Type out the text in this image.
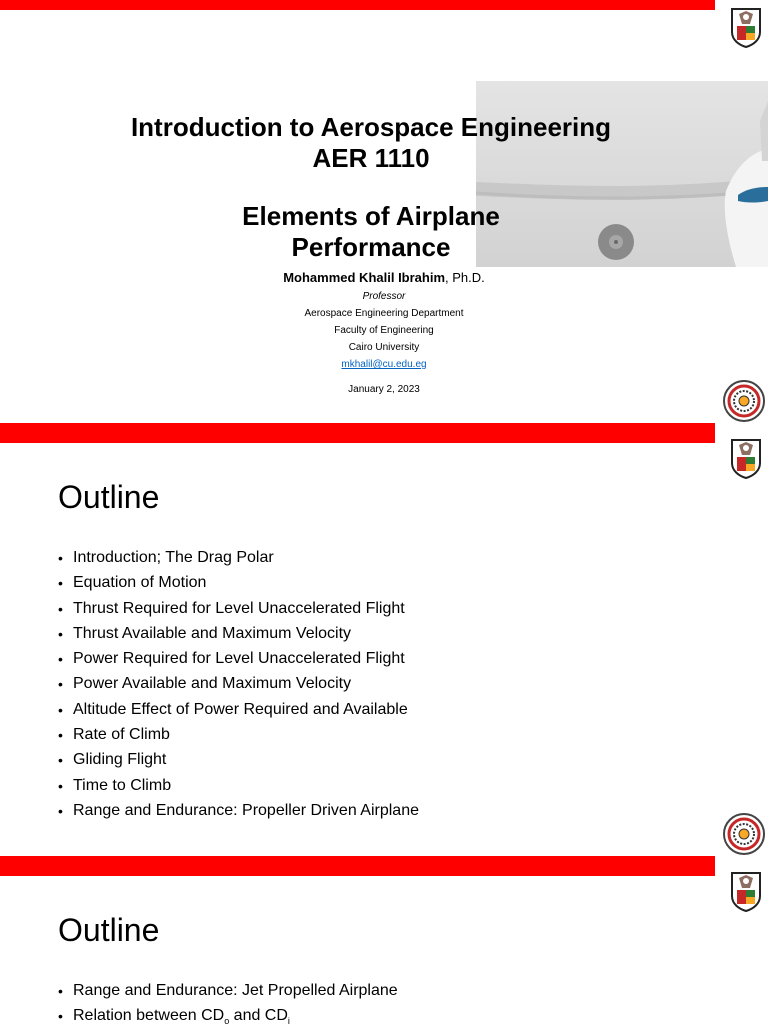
Introduction to Aerospace Engineering
AER 1110
Elements of Airplane
Performance
Mohammed Khalil Ibrahim, Ph.D.
Professor
Aerospace Engineering Department
Faculty of Engineering
Cairo University
mkhalil@cu.edu.eg
January 2, 2023
Outline
• Introduction; The Drag Polar
• Equation of Motion
• Thrust Required for Level Unaccelerated Flight
• Thrust Available and Maximum Velocity
• Power Required for Level Unaccelerated Flight
• Power Available and Maximum Velocity
• Altitude Effect of Power Required and Available
• Rate of Climb
• Gliding Flight
• Time to Climb
• Range and Endurance: Propeller Driven Airplane
Outline
• Range and Endurance: Jet Propelled Airplane
• Relation between $CD_o$ and $CD_i$
